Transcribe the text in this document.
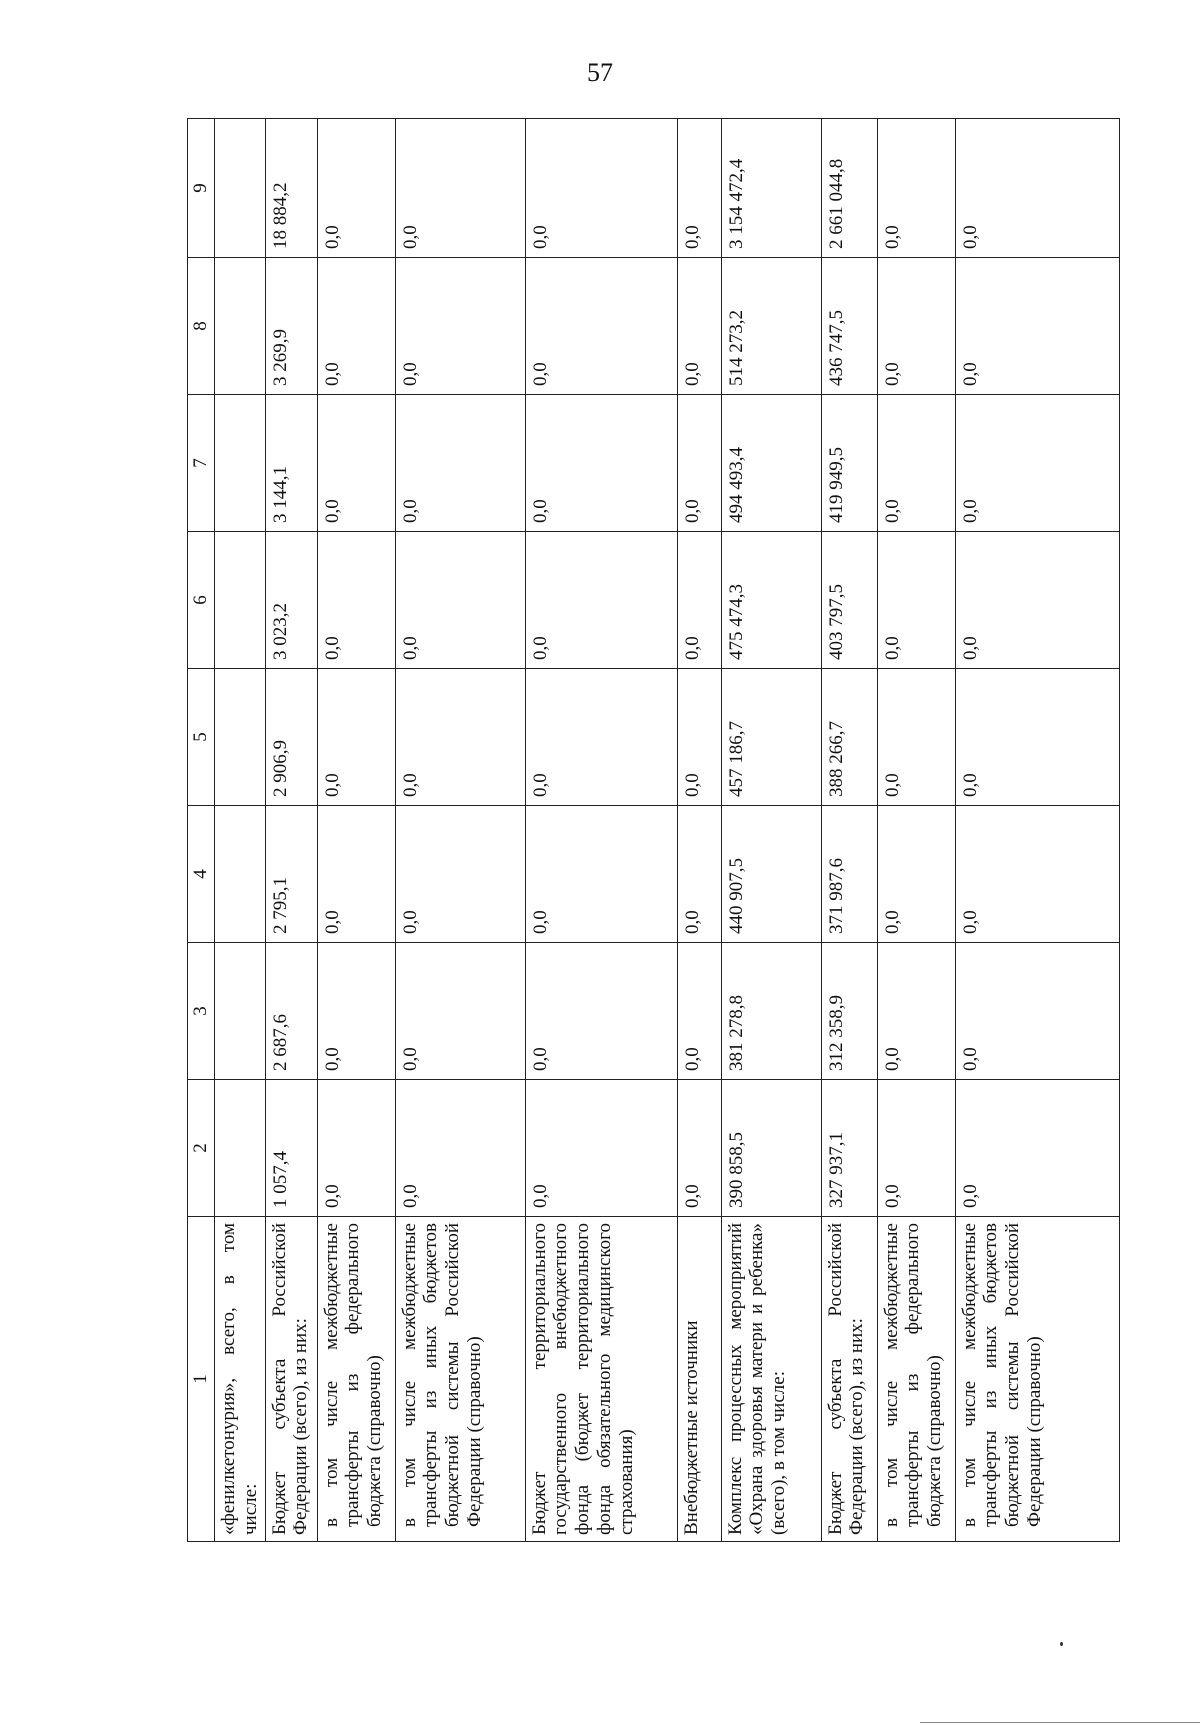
57
1	2	3	4	5	6	7	8	9
«фенилкетонурия», всего, в том числе:								
Бюджет субъекта Российской Федерации (всего), из них:	1 057,4	2 687,6	2 795,1	2 906,9	3 023,2	3 144,1	3 269,9	18 884,2
в том числе межбюджетные трансферты из федерального бюджета (справочно)	0,0	0,0	0,0	0,0	0,0	0,0	0,0	0,0
в том числе межбюджетные трансферты из иных бюджетов бюджетной системы Российской Федерации (справочно)	0,0	0,0	0,0	0,0	0,0	0,0	0,0	0,0
Бюджет территориального государственного внебюджетного фонда (бюджет территориального фонда обязательного медицинского страхования)	0,0	0,0	0,0	0,0	0,0	0,0	0,0	0,0
Внебюджетные источники	0,0	0,0	0,0	0,0	0,0	0,0	0,0	0,0
Комплекс процессных мероприятий «Охрана здоровья матери и ребенка» (всего), в том числе:	390 858,5	381 278,8	440 907,5	457 186,7	475 474,3	494 493,4	514 273,2	3 154 472,4
Бюджет субъекта Российской Федерации (всего), из них:	327 937,1	312 358,9	371 987,6	388 266,7	403 797,5	419 949,5	436 747,5	2 661 044,8
в том числе межбюджетные трансферты из федерального бюджета (справочно)	0,0	0,0	0,0	0,0	0,0	0,0	0,0	0,0
в том числе межбюджетные трансферты из иных бюджетов бюджетной системы Российской Федерации (справочно)	0,0	0,0	0,0	0,0	0,0	0,0	0,0	0,0
